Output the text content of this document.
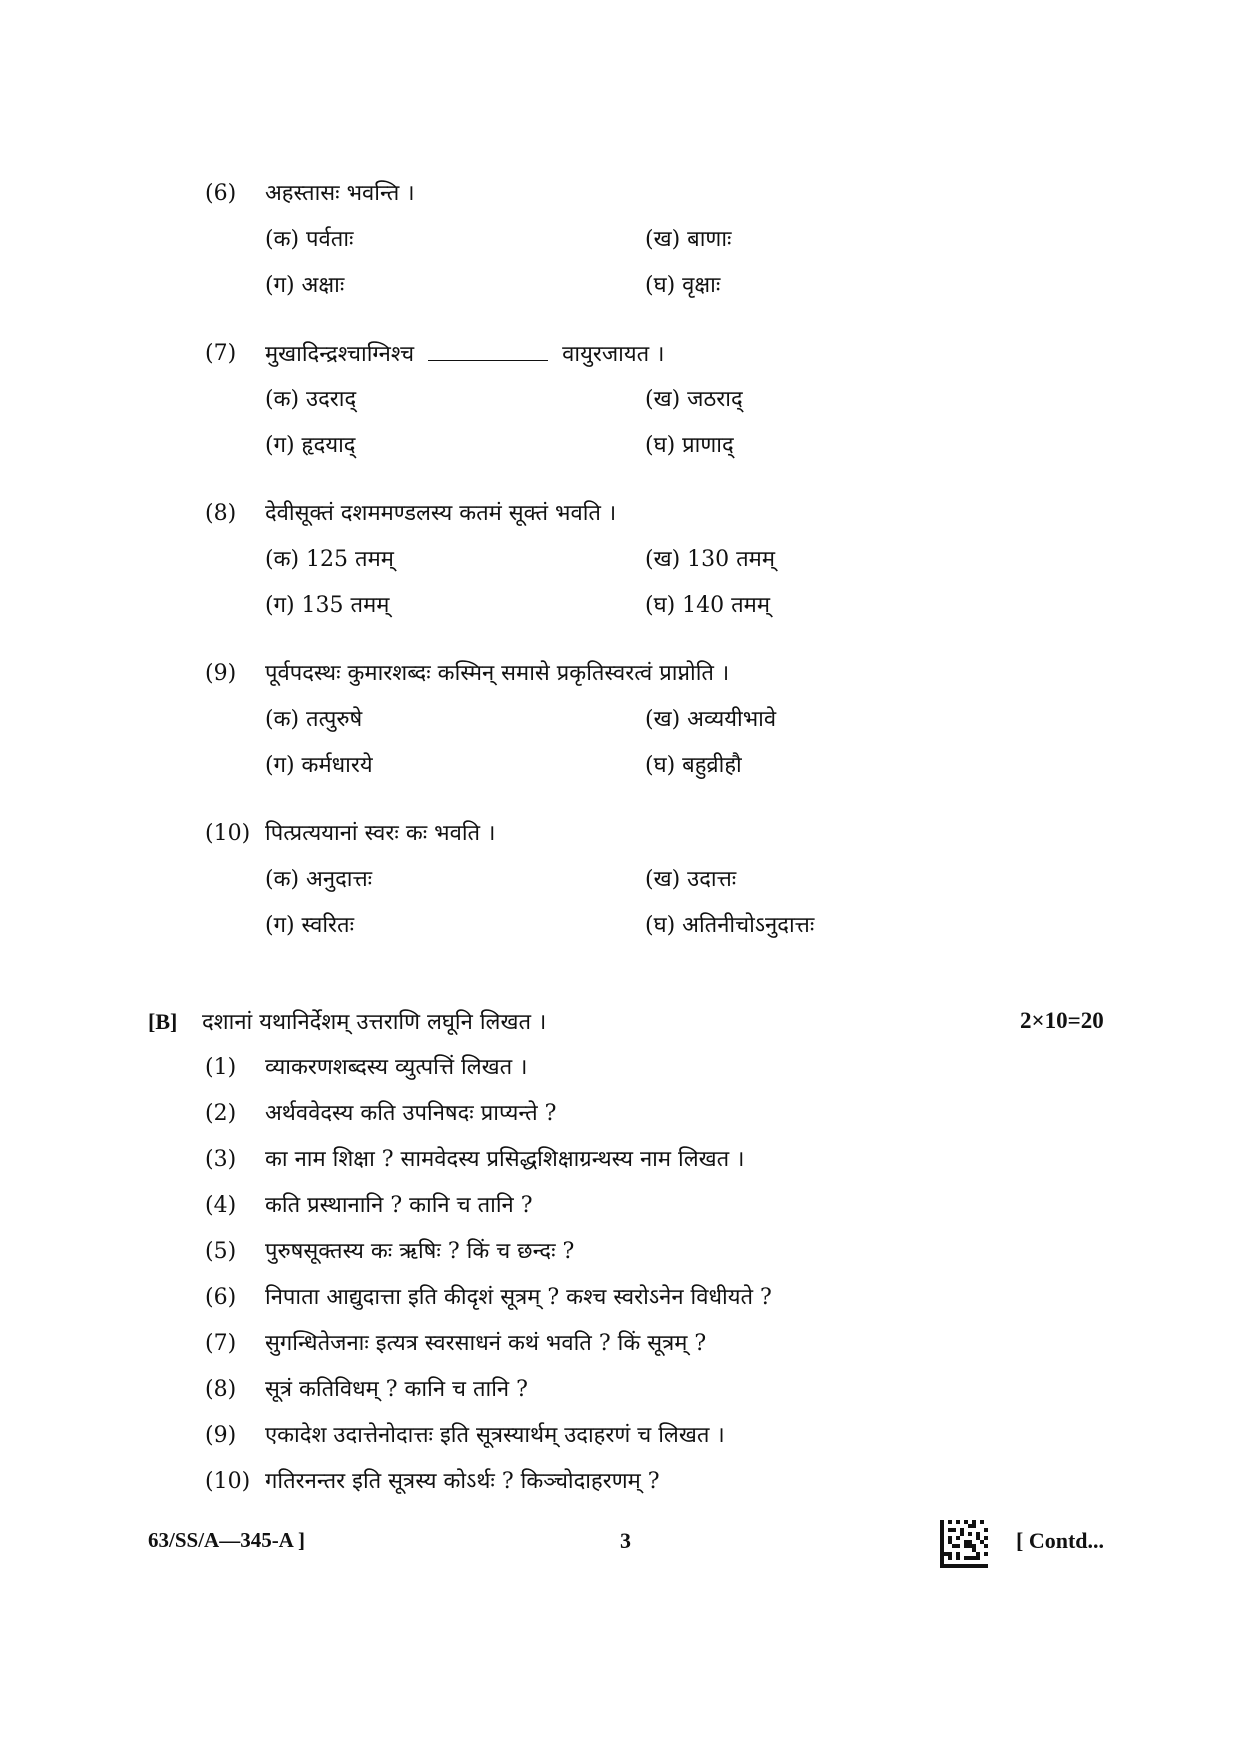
(6) अहस्तासः भवन्ति ।
(क) पर्वताः	(ख) बाणाः
(ग) अक्षाः	(घ) वृक्षाः
(7) मुखादिन्द्रश्चाग्निश्च	वायुरजायत ।
(क) उदराद्	(ख) जठराद्
(ग) हृदयाद्	(घ) प्राणाद्
(8) देवीसूक्तं दशममण्डलस्य कतमं सूक्तं भवति ।
(क) 125 तमम्	(ख) 130 तमम्
(ग) 135 तमम्	(घ) 140 तमम्
(9) पूर्वपदस्थः कुमारशब्दः कस्मिन् समासे प्रकृतिस्वरत्वं प्राप्नोति ।
(क) तत्पुरुषे	(ख) अव्ययीभावे
(ग) कर्मधारये	(घ) बहुव्रीहौ
(10) पित्प्रत्ययानां स्वरः कः भवति ।
(क) अनुदात्तः	(ख) उदात्तः
(ग) स्वरितः	(घ) अतिनीचोऽनुदात्तः
[B] दशानां यथानिर्देशम् उत्तराणि लघूनि लिखत ।	2×10=20
(1) व्याकरणशब्दस्य व्युत्पत्तिं लिखत ।
(2) अर्थववेदस्य कति उपनिषदः प्राप्यन्ते ?
(3) का नाम शिक्षा ? सामवेदस्य प्रसिद्धशिक्षाग्रन्थस्य नाम लिखत ।
(4) कति प्रस्थानानि ? कानि च तानि ?
(5) पुरुषसूक्तस्य कः ऋषिः ? किं च छन्दः ?
(6) निपाता आद्युदात्ता इति कीदृशं सूत्रम् ? कश्च स्वरोऽनेन विधीयते ?
(7) सुगन्धितेजनाः इत्यत्र स्वरसाधनं कथं भवति ? किं सूत्रम् ?
(8) सूत्रं कतिविधम् ? कानि च तानि ?
(9) एकादेश उदात्तेनोदात्तः इति सूत्रस्यार्थम् उदाहरणं च लिखत ।
(10) गतिरनन्तर इति सूत्रस्य कोऽर्थः ? किञ्चोदाहरणम् ?
63/SS/A—345-A ]	3	[ Contd...
